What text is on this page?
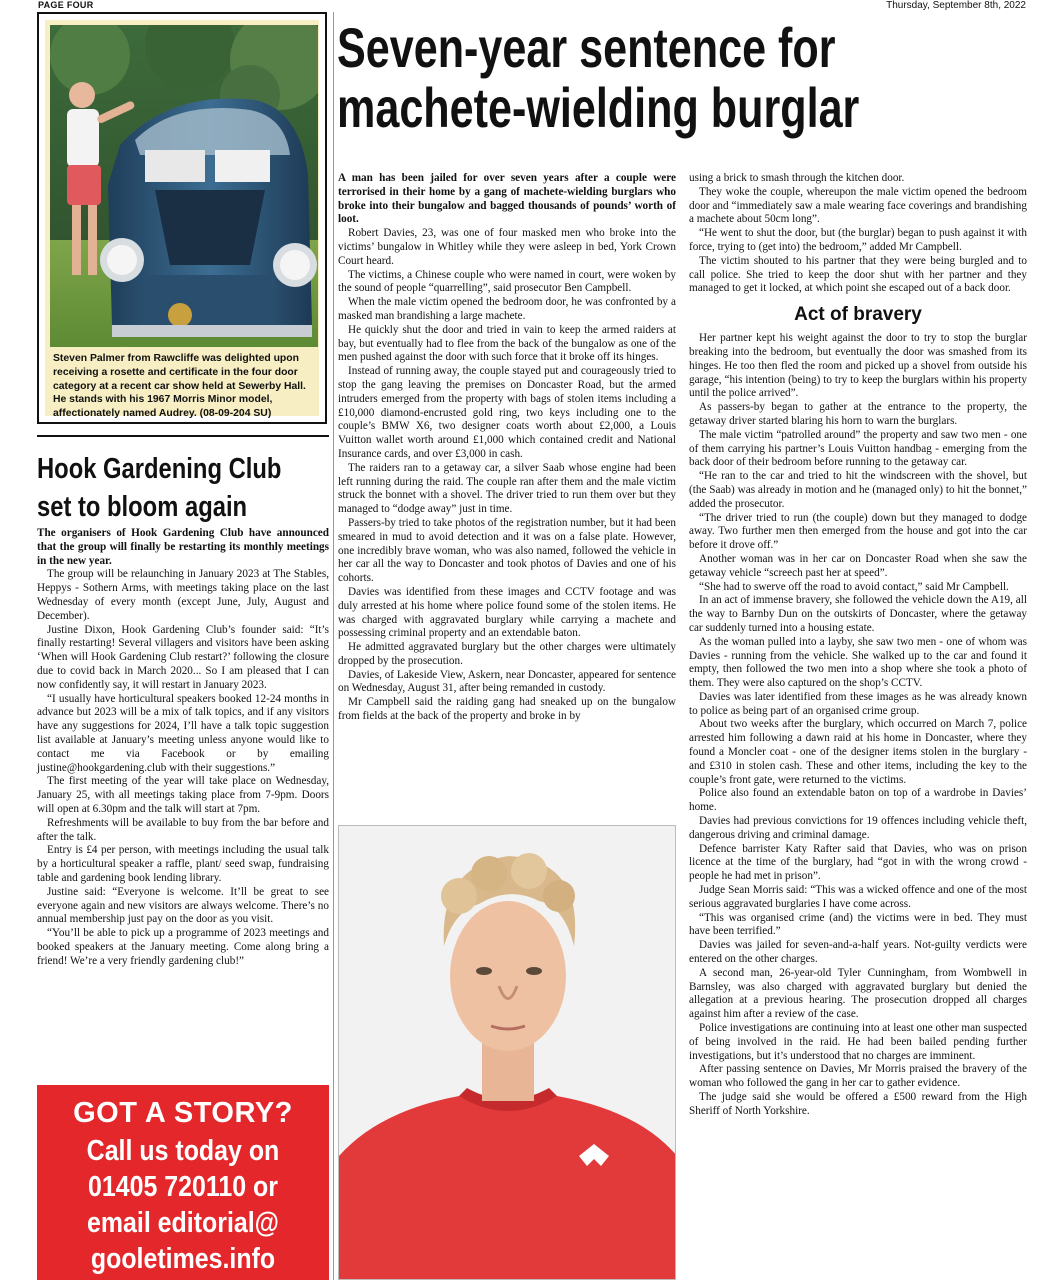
PAGE FOUR	Thursday, September 8th, 2022
Steven Palmer from Rawcliffe was delighted upon receiving a rosette and certificate in the four door category at a recent car show held at Sewerby Hall. He stands with his 1967 Morris Minor model, affectionately named Audrey. (08-09-204 SU)
Hook Gardening Club
set to bloom again

The organisers of Hook Gardening Club have announced that the group will finally be restarting its monthly meetings in the new year.

The group will be relaunching in January 2023 at The Stables, Heppys - Sothern Arms, with meetings taking place on the last Wednesday of every month (except June, July, August and December).

Justine Dixon, Hook Gardening Club’s founder said: “It’s finally restarting! Several villagers and visitors have been asking ‘When will Hook Gardening Club restart?’ following the closure due to covid back in March 2020... So I am pleased that I can now confidently say, it will restart in January 2023.

“I usually have horticultural speakers booked 12-24 months in advance but 2023 will be a mix of talk topics, and if any visitors have any suggestions for 2024, I’ll have a talk topic suggestion list available at January’s meeting unless anyone would like to contact me via Facebook or by emailing justine@hookgardening.club with their suggestions.”

The first meeting of the year will take place on Wednesday, January 25, with all meetings taking place from 7-9pm. Doors will open at 6.30pm and the talk will start at 7pm.

Refreshments will be available to buy from the bar before and after the talk.

Entry is £4 per person, with meetings including the usual talk by a horticultural speaker a raffle, plant/ seed swap, fundraising table and gardening book lending library.

Justine said: “Everyone is welcome. It’ll be great to see everyone again and new visitors are always welcome. There’s no annual membership just pay on the door as you visit.

“You’ll be able to pick up a programme of 2023 meetings and booked speakers at the January meeting. Come along bring a friend! We’re a very friendly gardening club!”

GOT A STORY?
Call us today on
01405 720110 or
email editorial@
gooletimes.info
Seven-year sentence for
machete-wielding burglar

A man has been jailed for over seven years after a couple were terrorised in their home by a gang of machete-wielding burglars who broke into their bungalow and bagged thousands of pounds’ worth of loot.

Robert Davies, 23, was one of four masked men who broke into the victims’ bungalow in Whitley while they were asleep in bed, York Crown Court heard.

The victims, a Chinese couple who were named in court, were woken by the sound of people “quarrelling”, said prosecutor Ben Campbell.

When the male victim opened the bedroom door, he was confronted by a masked man brandishing a large machete.

He quickly shut the door and tried in vain to keep the armed raiders at bay, but eventually had to flee from the back of the bungalow as one of the men pushed against the door with such force that it broke off its hinges.

Instead of running away, the couple stayed put and courageously tried to stop the gang leaving the premises on Doncaster Road, but the armed intruders emerged from the property with bags of stolen items including a £10,000 diamond-encrusted gold ring, two keys including one to the couple’s BMW X6, two designer coats worth about £2,000, a Louis Vuitton wallet worth around £1,000 which contained credit and National Insurance cards, and over £3,000 in cash.

The raiders ran to a getaway car, a silver Saab whose engine had been left running during the raid. The couple ran after them and the male victim struck the bonnet with a shovel. The driver tried to run them over but they managed to “dodge away” just in time.

Passers-by tried to take photos of the registration number, but it had been smeared in mud to avoid detection and it was on a false plate. However, one incredibly brave woman, who was also named, followed the vehicle in her car all the way to Doncaster and took photos of Davies and one of his cohorts.

Davies was identified from these images and CCTV footage and was duly arrested at his home where police found some of the stolen items. He was charged with aggravated burglary while carrying a machete and possessing criminal property and an extendable baton.

He admitted aggravated burglary but the other charges were ultimately dropped by the prosecution.

Davies, of Lakeside View, Askern, near Doncaster, appeared for sentence on Wednesday, August 31, after being remanded in custody.

Mr Campbell said the raiding gang had sneaked up on the bungalow from fields at the back of the property and broke in by

using a brick to smash through the kitchen door.

They woke the couple, whereupon the male victim opened the bedroom door and “immediately saw a male wearing face coverings and brandishing a machete about 50cm long”.

“He went to shut the door, but (the burglar) began to push against it with force, trying to (get into) the bedroom,” added Mr Campbell.

The victim shouted to his partner that they were being burgled and to call police. She tried to keep the door shut with her partner and they managed to get it locked, at which point she escaped out of a back door.

Act of bravery

Her partner kept his weight against the door to try to stop the burglar breaking into the bedroom, but eventually the door was smashed from its hinges. He too then fled the room and picked up a shovel from outside his garage, “his intention (being) to try to keep the burglars within his property until the police arrived”.

As passers-by began to gather at the entrance to the property, the getaway driver started blaring his horn to warn the burglars.

The male victim “patrolled around” the property and saw two men - one of them carrying his partner’s Louis Vuitton handbag - emerging from the back door of their bedroom before running to the getaway car.

“He ran to the car and tried to hit the windscreen with the shovel, but (the Saab) was already in motion and he (managed only) to hit the bonnet,” added the prosecutor.

“The driver tried to run (the couple) down but they managed to dodge away. Two further men then emerged from the house and got into the car before it drove off.”

Another woman was in her car on Doncaster Road when she saw the getaway vehicle “screech past her at speed”.

“She had to swerve off the road to avoid contact,” said Mr Campbell.

In an act of immense bravery, she followed the vehicle down the A19, all the way to Barnby Dun on the outskirts of Doncaster, where the getaway car suddenly turned into a housing estate.

As the woman pulled into a layby, she saw two men - one of whom was Davies - running from the vehicle. She walked up to the car and found it empty, then followed the two men into a shop where she took a photo of them. They were also captured on the shop’s CCTV.

Davies was later identified from these images as he was already known to police as being part of an organised crime group.

About two weeks after the burglary, which occurred on March 7, police arrested him following a dawn raid at his home in Doncaster, where they found a Moncler coat - one of the designer items stolen in the burglary - and £310 in stolen cash. These and other items, including the key to the couple’s front gate, were returned to the victims.

Police also found an extendable baton on top of a wardrobe in Davies’ home.

Davies had previous convictions for 19 offences including vehicle theft, dangerous driving and criminal damage.

Defence barrister Katy Rafter said that Davies, who was on prison licence at the time of the burglary, had “got in with the wrong crowd - people he had met in prison”.

Judge Sean Morris said: “This was a wicked offence and one of the most serious aggravated burglaries I have come across.

“This was organised crime (and) the victims were in bed. They must have been terrified.”

Davies was jailed for seven-and-a-half years. Not-guilty verdicts were entered on the other charges.

A second man, 26-year-old Tyler Cunningham, from Wombwell in Barnsley, was also charged with aggravated burglary but denied the allegation at a previous hearing. The prosecution dropped all charges against him after a review of the case.

Police investigations are continuing into at least one other man suspected of being involved in the raid. He had been bailed pending further investigations, but it’s understood that no charges are imminent.

After passing sentence on Davies, Mr Morris praised the bravery of the woman who followed the gang in her car to gather evidence.

The judge said she would be offered a £500 reward from the High Sheriff of North Yorkshire.
